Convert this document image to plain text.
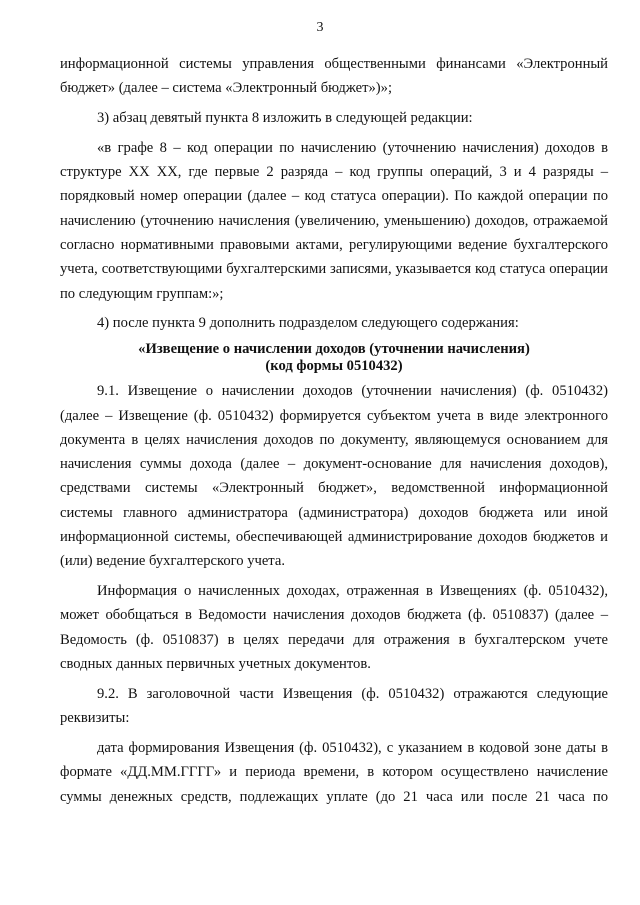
3

информационной системы управления общественными финансами «Электронный бюджет» (далее – система «Электронный бюджет»)»;

3) абзац девятый пункта 8 изложить в следующей редакции:

«в графе 8 – код операции по начислению (уточнению начисления) доходов в структуре ХХ ХХ, где первые 2 разряда – код группы операций, 3 и 4 разряды – порядковый номер операции (далее – код статуса операции). По каждой операции по начислению (уточнению начисления (увеличению, уменьшению) доходов, отражаемой согласно нормативными правовыми актами, регулирующими ведение бухгалтерского учета, соответствующими бухгалтерскими записями, указывается код статуса операции по следующим группам:»;

4) после пункта 9 дополнить подразделом следующего содержания:

«Извещение о начислении доходов (уточнении начисления)
(код формы 0510432)

9.1. Извещение о начислении доходов (уточнении начисления) (ф. 0510432) (далее – Извещение (ф. 0510432) формируется субъектом учета в виде электронного документа в целях начисления доходов по документу, являющемуся основанием для начисления суммы дохода (далее – документ-основание для начисления доходов), средствами системы «Электронный бюджет», ведомственной информационной системы главного администратора (администратора) доходов бюджета или иной информационной системы, обеспечивающей администрирование доходов бюджетов и (или) ведение бухгалтерского учета.

Информация о начисленных доходах, отраженная в Извещениях (ф. 0510432), может обобщаться в Ведомости начисления доходов бюджета (ф. 0510837) (далее – Ведомость (ф. 0510837) в целях передачи для отражения в бухгалтерском учете сводных данных первичных учетных документов.

9.2. В заголовочной части Извещения (ф. 0510432) отражаются следующие реквизиты:

дата формирования Извещения (ф. 0510432), с указанием в кодовой зоне даты в формате «ДД.ММ.ГГГГ» и периода времени, в котором осуществлено начисление суммы денежных средств, подлежащих уплате (до 21 часа или после 21 часа по
